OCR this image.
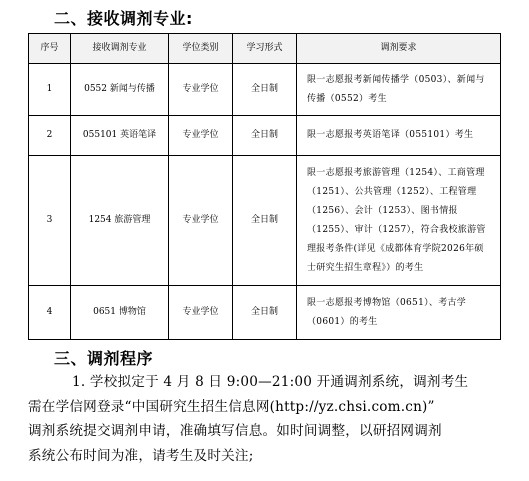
二、接收调剂专业:
序号	接收调剂专业	学位类别	学习形式	调剂要求
1	0552 新闻与传播	专业学位	全日制	限一志愿报考新闻传播学（0503）、新闻与传播（0552）考生
2	055101 英语笔译	专业学位	全日制	限一志愿报考英语笔译（055101）考生
3	1254 旅游管理	专业学位	全日制	限一志愿报考旅游管理（1254）、工商管理（1251）、公共管理（1252）、工程管理（1256）、会计（1253）、图书情报（1255）、审计（1257），符合我校旅游管理报考条件(详见《成都体育学院2026年硕士研究生招生章程》）的考生
4	0651 博物馆	专业学位	全日制	限一志愿报考博物馆（0651）、考古学（0601）的考生
三、调剂程序
1. 学校拟定于 4 月 8 日 9:00—21:00 开通调剂系统，调剂考生
需在学信网登录“中国研究生招生信息网(http://yz.chsi.com.cn)”
调剂系统提交调剂申请，准确填写信息。如时间调整，以研招网调剂
系统公布时间为准，请考生及时关注;
